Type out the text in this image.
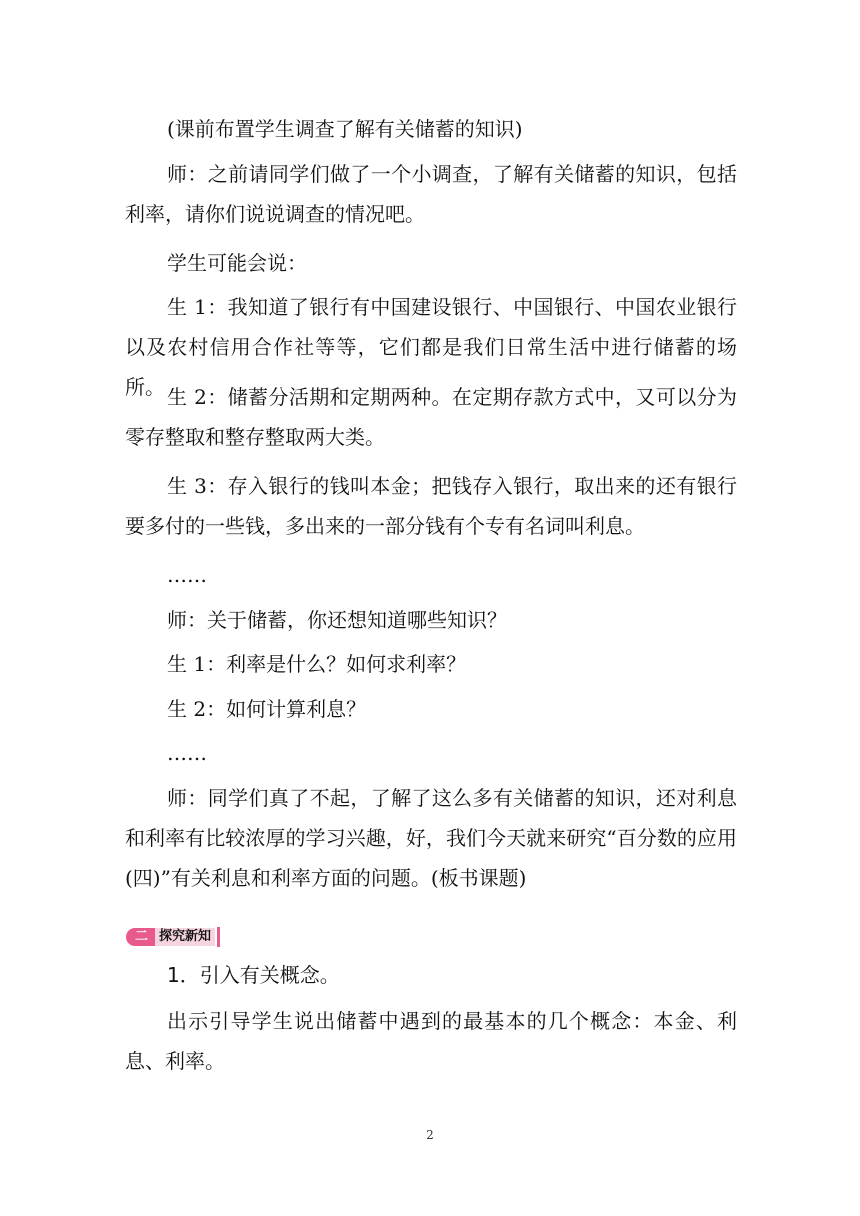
(课前布置学生调查了解有关储蓄的知识)

师：之前请同学们做了一个小调查，了解有关储蓄的知识，包括利率，请你们说说调查的情况吧。

学生可能会说：

生 1：我知道了银行有中国建设银行、中国银行、中国农业银行以及农村信用合作社等等，它们都是我们日常生活中进行储蓄的场所。 生 2：储蓄分活期和定期两种。在定期存款方式中，又可以分为零存整取和整存整取两大类。

生 3：存入银行的钱叫本金；把钱存入银行，取出来的还有银行要多付的一些钱，多出来的一部分钱有个专有名词叫利息。

……

师：关于储蓄，你还想知道哪些知识？

生 1：利率是什么？如何求利率？

生 2：如何计算利息？

……

师：同学们真了不起，了解了这么多有关储蓄的知识，还对利息和利率有比较浓厚的学习兴趣，好，我们今天就来研究“百分数的应用(四)”有关利息和利率方面的问题。(板书课题)

二 探究新知

1．引入有关概念。

出示引导学生说出储蓄中遇到的最基本的几个概念：本金、利息、利率。

2
